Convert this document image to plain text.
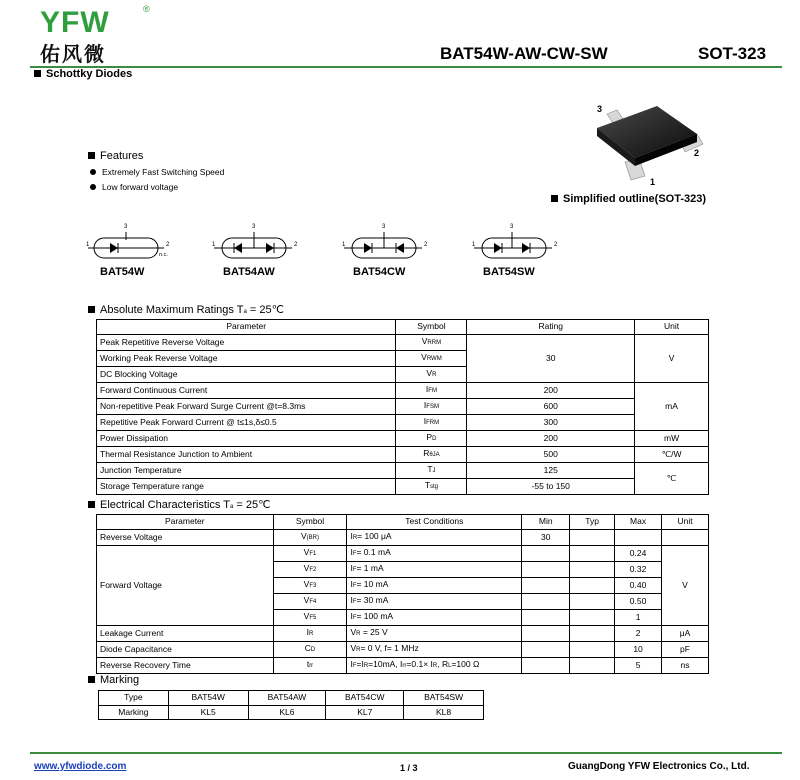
YFW	®
佑风微	BAT54W-AW-CW-SW	SOT-323
Schottky Diodes
Features
Extremely Fast Switching Speed
Low forward voltage
3
2
1
Simplified outline(SOT-323)
1
3
2
n.c.
BAT54W
1
3
2
BAT54AW
1
3
2
BAT54CW
1
3
2
BAT54SW
Absolute Maximum Ratings Ta = 25℃
Parameter	Symbol	Rating	Unit
Peak Repetitive Reverse Voltage	VRRM	30	V
Working Peak Reverse Voltage	VRWM		
DC Blocking Voltage	VR		
Forward Continuous Current	IFM	200	mA
Non-repetitive Peak Forward Surge Current @t=8.3ms	IFSM	600	
Repetitive Peak Forward Current @ t≤1s,δ≤0.5	IFRM	300	
Power Dissipation	PD	200	mW
Thermal Resistance Junction to Ambient	RθJA	500	℃/W
Junction Temperature	TJ	125	℃
Storage Temperature range	Tstg	-55 to 150	
Electrical Characteristics Ta = 25℃
Parameter	Symbol	Test Conditions	Min	Typ	Max	Unit
Reverse Voltage	V(BR)	IR= 100 μA	30			
Forward Voltage	VF1	IF= 0.1 mA			0.24	V
	VF2	IF= 1 mA			0.32	
	VF3	IF= 10 mA			0.40	
	VF4	IF= 30 mA			0.50	
	VF5	IF= 100 mA			1	
Leakage Current	IR	VR = 25 V			2	μA
Diode Capacitance	CD	VR= 0 V, f= 1 MHz			10	pF
Reverse Recovery Time	trr	IF=IR=10mA, Irr=0.1× IR, RL=100 Ω			5	ns
Marking
Type	BAT54W	BAT54AW	BAT54CW	BAT54SW
Marking	KL5	KL6	KL7	KL8
www.yfwdiode.com	1 / 3	GuangDong YFW Electronics Co., Ltd.
